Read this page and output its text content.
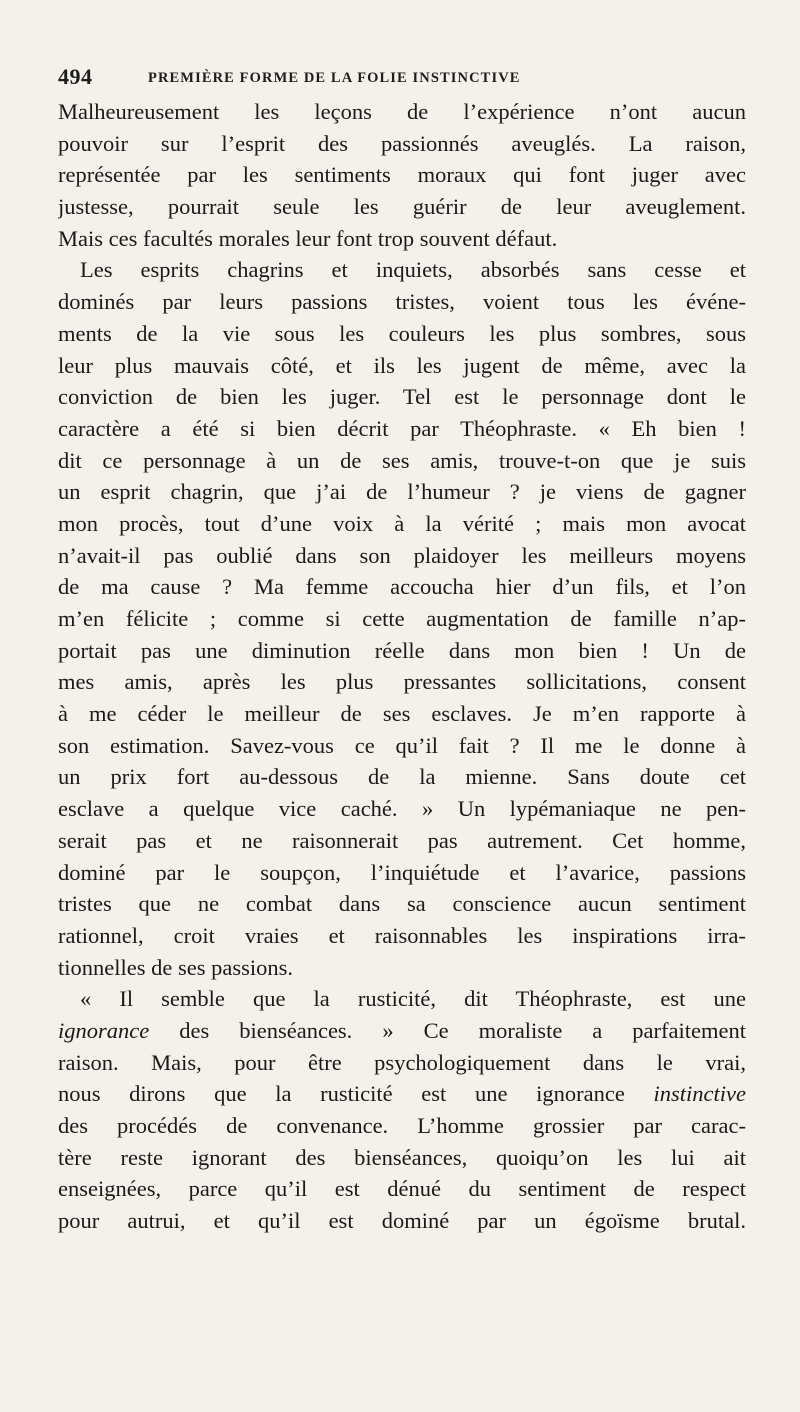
494	PREMIÈRE FORME DE LA FOLIE INSTINCTIVE
Malheureusement les leçons de l’expérience n’ont aucun
pouvoir sur l’esprit des passionnés aveuglés. La raison,
représentée par les sentiments moraux qui font juger avec
justesse, pourrait seule les guérir de leur aveuglement.
Mais ces facultés morales leur font trop souvent défaut.
Les esprits chagrins et inquiets, absorbés sans cesse et
dominés par leurs passions tristes, voient tous les événe-
ments de la vie sous les couleurs les plus sombres, sous
leur plus mauvais côté, et ils les jugent de même, avec la
conviction de bien les juger. Tel est le personnage dont le
caractère a été si bien décrit par Théophraste. « Eh bien !
dit ce personnage à un de ses amis, trouve-t-on que je suis
un esprit chagrin, que j’ai de l’humeur ? je viens de gagner
mon procès, tout d’une voix à la vérité ; mais mon avocat
n’avait-il pas oublié dans son plaidoyer les meilleurs moyens
de ma cause ? Ma femme accoucha hier d’un fils, et l’on
m’en félicite ; comme si cette augmentation de famille n’ap-
portait pas une diminution réelle dans mon bien ! Un de
mes amis, après les plus pressantes sollicitations, consent
à me céder le meilleur de ses esclaves. Je m’en rapporte à
son estimation. Savez-vous ce qu’il fait ? Il me le donne à
un prix fort au-dessous de la mienne. Sans doute cet
esclave a quelque vice caché. » Un lypémaniaque ne pen-
serait pas et ne raisonnerait pas autrement. Cet homme,
dominé par le soupçon, l’inquiétude et l’avarice, passions
tristes que ne combat dans sa conscience aucun sentiment
rationnel, croit vraies et raisonnables les inspirations irra-
tionnelles de ses passions.
« Il semble que la rusticité, dit Théophraste, est une
ignorance des bienséances. » Ce moraliste a parfaitement
raison. Mais, pour être psychologiquement dans le vrai,
nous dirons que la rusticité est une ignorance instinctive
des procédés de convenance. L’homme grossier par carac-
tère reste ignorant des bienséances, quoiqu’on les lui ait
enseignées, parce qu’il est dénué du sentiment de respect
pour autrui, et qu’il est dominé par un égoïsme brutal.
